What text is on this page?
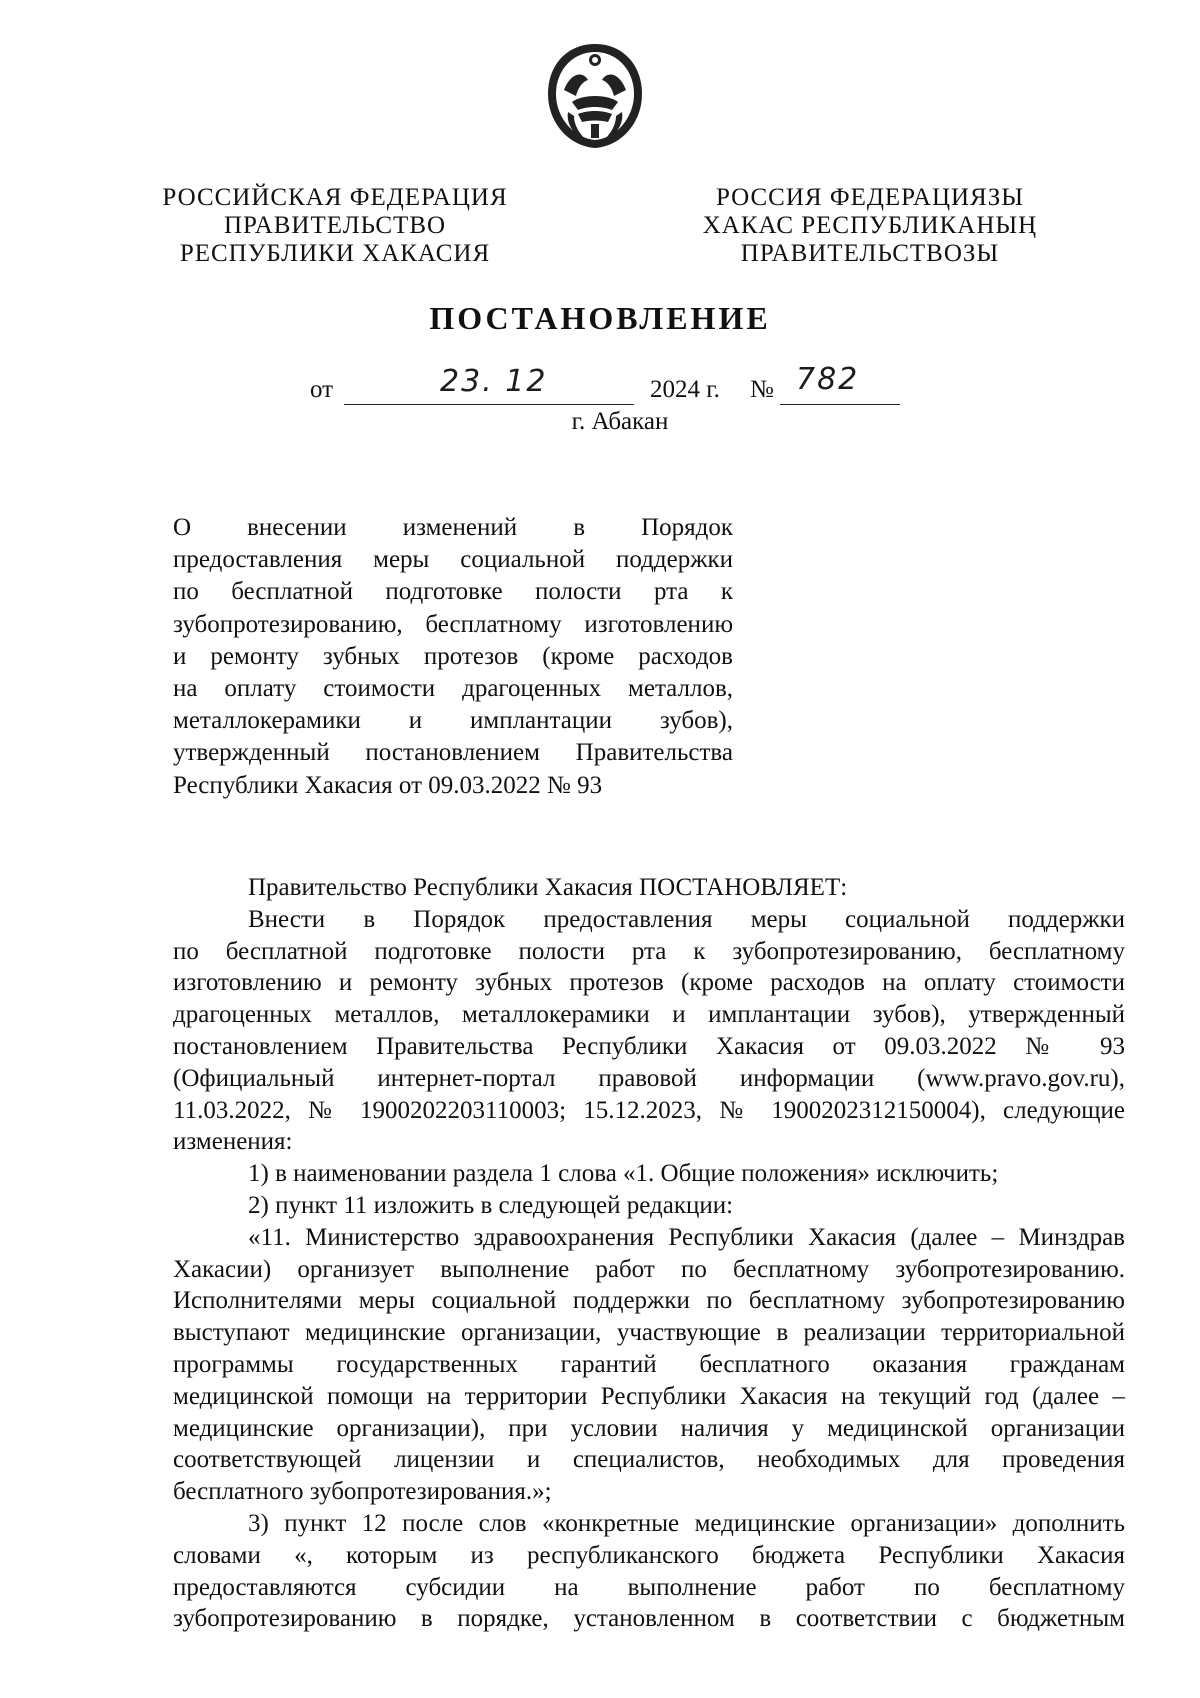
РОССИЙСКАЯ ФЕДЕРАЦИЯ
ПРАВИТЕЛЬСТВО
РЕСПУБЛИКИ ХАКАСИЯ
РОССИЯ ФЕДЕРАЦИЯЗЫ
ХАКАС РЕСПУБЛИКАНЫҢ
ПРАВИТЕЛЬСТВОЗЫ
ПОСТАНОВЛЕНИЕ
от	23. 12	2024 г. № 782
г. Абакан
О внесении изменений в Порядок
предоставления меры социальной поддержки
по бесплатной подготовке полости рта к
зубопротезированию, бесплатному изготовлению
и ремонту зубных протезов (кроме расходов
на оплату стоимости драгоценных металлов,
металлокерамики и имплантации зубов),
утвержденный постановлением Правительства
Республики Хакасия от 09.03.2022 № 93
Правительство Республики Хакасия ПОСТАНОВЛЯЕТ:
Внести в Порядок предоставления меры социальной поддержки
по бесплатной подготовке полости рта к зубопротезированию, бесплатному
изготовлению и ремонту зубных протезов (кроме расходов на оплату стоимости
драгоценных металлов, металлокерамики и имплантации зубов), утвержденный
постановлением Правительства Республики Хакасия от 09.03.2022 № 93
(Официальный интернет-портал правовой информации (www.pravo.gov.ru),
11.03.2022, № 1900202203110003; 15.12.2023, № 1900202312150004), следующие
изменения:
1) в наименовании раздела 1 слова «1. Общие положения» исключить;
2) пункт 11 изложить в следующей редакции:
«11. Министерство здравоохранения Республики Хакасия (далее – Минздрав
Хакасии) организует выполнение работ по бесплатному зубопротезированию.
Исполнителями меры социальной поддержки по бесплатному зубопротезированию
выступают медицинские организации, участвующие в реализации территориальной
программы государственных гарантий бесплатного оказания гражданам
медицинской помощи на территории Республики Хакасия на текущий год (далее –
медицинские организации), при условии наличия у медицинской организации
соответствующей лицензии и специалистов, необходимых для проведения
бесплатного зубопротезирования.»;
3) пункт 12 после слов «конкретные медицинские организации» дополнить
словами «, которым из республиканского бюджета Республики Хакасия
предоставляются субсидии на выполнение работ по бесплатному
зубопротезированию в порядке, установленном в соответствии с бюджетным
